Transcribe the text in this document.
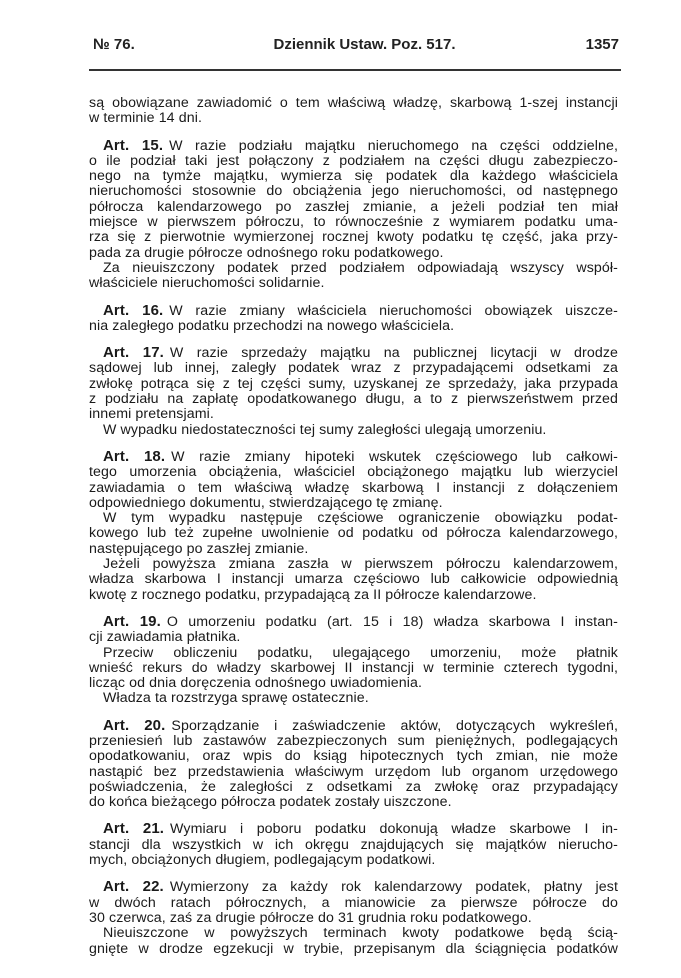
№ 76.	Dziennik Ustaw. Poz. 517.	1357
są obowiązane zawiadomić o tem właściwą władzę, skarbową 1-szej instancji
w terminie 14 dni.
Art. 15. W razie podziału majątku nieruchomego na części oddzielne,
o ile podział taki jest połączony z podziałem na części długu zabezpieczo-
nego na tymże majątku, wymierza się podatek dla każdego właściciela
nieruchomości stosownie do obciążenia jego nieruchomości, od następnego
półrocza kalendarzowego po zaszłej zmianie, a jeżeli podział ten miał
miejsce w pierwszem półroczu, to równocześnie z wymiarem podatku uma-
rza się z pierwotnie wymierzonej rocznej kwoty podatku tę część, jaka przy-
pada za drugie półrocze odnośnego roku podatkowego.
Za nieuiszczony podatek przed podziałem odpowiadają wszyscy współ-
właściciele nieruchomości solidarnie.
Art. 16. W razie zmiany właściciela nieruchomości obowiązek uiszcze-
nia zaległego podatku przechodzi na nowego właściciela.
Art. 17. W razie sprzedaży majątku na publicznej licytacji w drodze
sądowej lub innej, zaległy podatek wraz z przypadającemi odsetkami za
zwłokę potrąca się z tej części sumy, uzyskanej ze sprzedaży, jaka przypada
z podziału na zapłatę opodatkowanego długu, a to z pierwszeństwem przed
innemi pretensjami.
W wypadku niedostateczności tej sumy zaległości ulegają umorzeniu.
Art. 18. W razie zmiany hipoteki wskutek częściowego lub całkowi-
tego umorzenia obciążenia, właściciel obciążonego majątku lub wierzyciel
zawiadamia o tem właściwą władzę skarbową I instancji z dołączeniem
odpowiedniego dokumentu, stwierdzającego tę zmianę.
W tym wypadku następuje częściowe ograniczenie obowiązku podat-
kowego lub też zupełne uwolnienie od podatku od półrocza kalendarzowego,
następującego po zaszłej zmianie.
Jeżeli powyższa zmiana zaszła w pierwszem półroczu kalendarzowem,
władza skarbowa I instancji umarza częściowo lub całkowicie odpowiednią
kwotę z rocznego podatku, przypadającą za II półrocze kalendarzowe.
Art. 19. O umorzeniu podatku (art. 15 i 18) władza skarbowa I instan-
cji zawiadamia płatnika.
Przeciw obliczeniu podatku, ulegającego umorzeniu, może płatnik
wnieść rekurs do władzy skarbowej II instancji w terminie czterech tygodni,
licząc od dnia doręczenia odnośnego uwiadomienia.
Władza ta rozstrzyga sprawę ostatecznie.
Art. 20. Sporządzanie i zaświadczenie aktów, dotyczących wykreśleń,
przeniesień lub zastawów zabezpieczonych sum pieniężnych, podlegających
opodatkowaniu, oraz wpis do ksiąg hipotecznych tych zmian, nie może
nastąpić bez przedstawienia właściwym urzędom lub organom urzędowego
poświadczenia, że zaległości z odsetkami za zwłokę oraz przypadający
do końca bieżącego półrocza podatek zostały uiszczone.
Art. 21. Wymiaru i poboru podatku dokonują władze skarbowe I in-
stancji dla wszystkich w ich okręgu znajdujących się majątków nierucho-
mych, obciążonych długiem, podlegającym podatkowi.
Art. 22. Wymierzony za każdy rok kalendarzowy podatek, płatny jest
w dwóch ratach półrocznych, a mianowicie za pierwsze półrocze do
30 czerwca, zaś za drugie półrocze do 31 grudnia roku podatkowego.
Nieuiszczone w powyższych terminach kwoty podatkowe będą ścią-
gnięte w drodze egzekucji w trybie, przepisanym dla ściągnięcia podatków
